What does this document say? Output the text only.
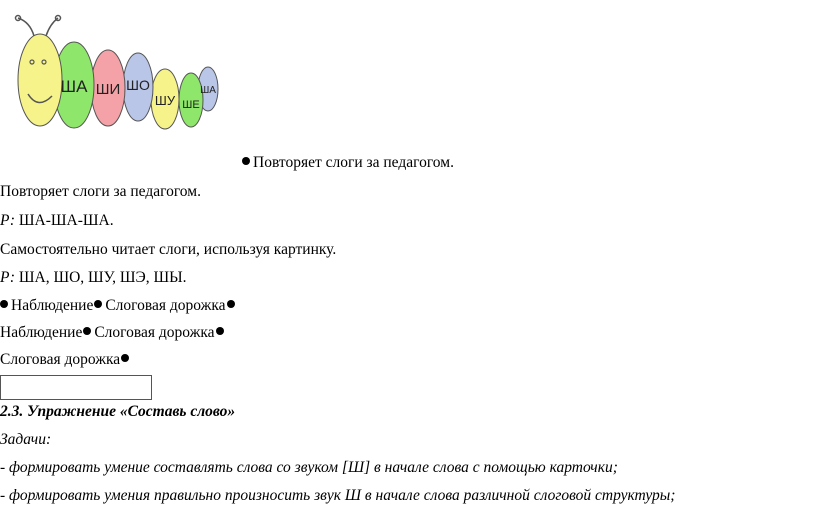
ША ШИ ШО
ШУ ШЕ
ША
Повторяет слоги за педагогом.
Повторяет слоги за педагогом.
Р: ША-ША-ША.
Самостоятельно читает слоги, используя картинку.
Р: ША, ШО, ШУ, ШЭ, ШЫ.
Наблюдение Слоговая дорожка
Наблюдение Слоговая дорожка
Слоговая дорожка
2.3. Упражнение «Составь слово»
Задачи:
- формировать умение составлять слова со звуком [Ш] в начале слова с помощью карточки;
- формировать умения правильно произносить звук Ш в начале слова различной слоговой структуры;
